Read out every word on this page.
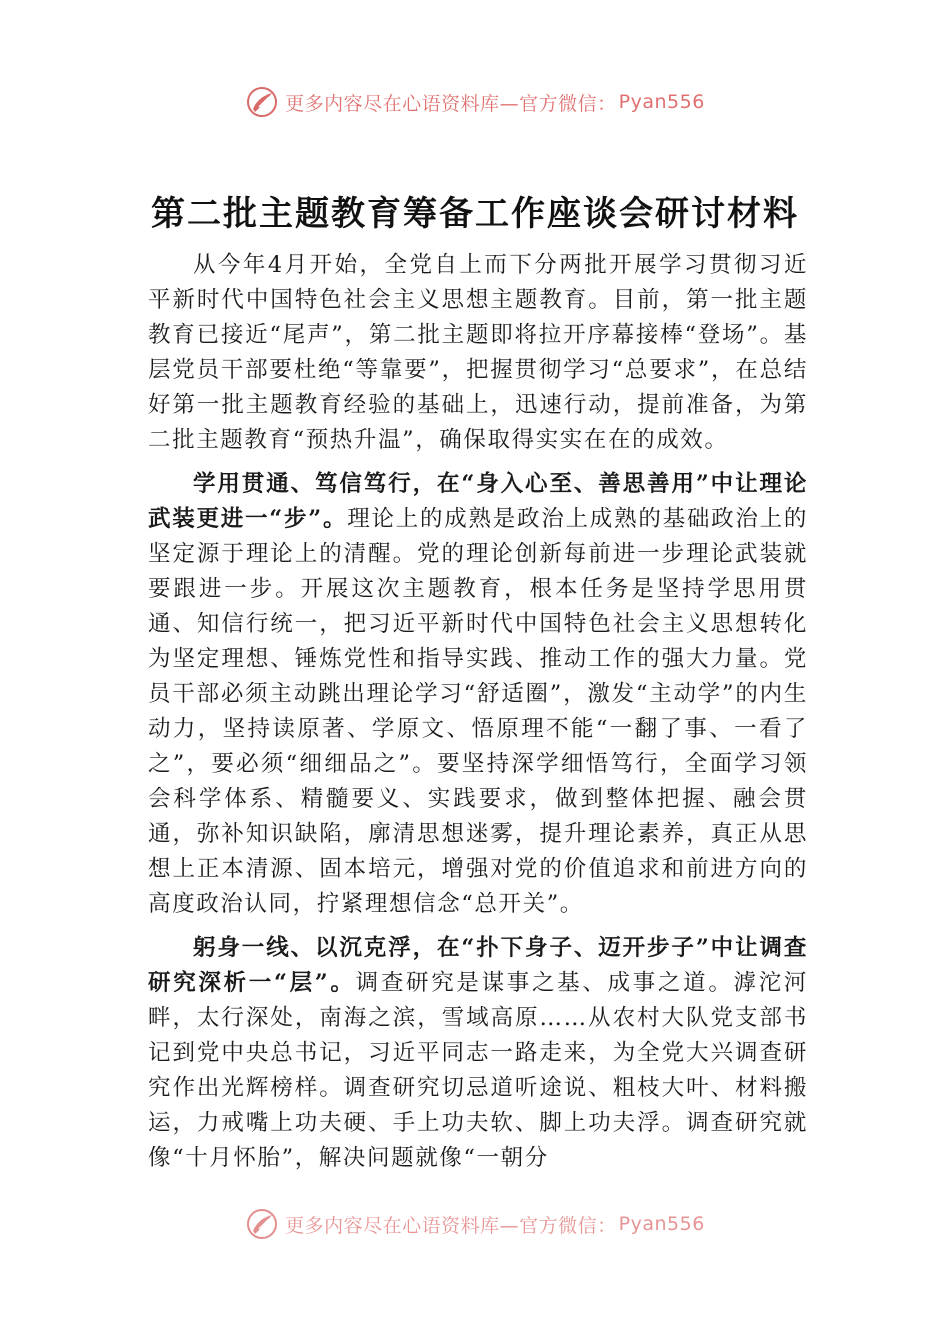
更多内容尽在心语资料库—官方微信： Pyan556
第二批主题教育筹备工作座谈会研讨材料

从今年4月开始，全党自上而下分两批开展学习贯彻习近平新时代中国特色社会主义思想主题教育。目前，第一批主题教育已接近“尾声”，第二批主题即将拉开序幕接棒“登场”。基层党员干部要杜绝“等靠要”，把握贯彻学习“总要求”，在总结好第一批主题教育经验的基础上，迅速行动，提前准备，为第二批主题教育“预热升温”，确保取得实实在在的成效。

学用贯通、笃信笃行，在“身入心至、善思善用”中让理论武装更进一“步”。理论上的成熟是政治上成熟的基础政治上的坚定源于理论上的清醒。党的理论创新每前进一步理论武装就要跟进一步。开展这次主题教育，根本任务是坚持学思用贯通、知信行统一，把习近平新时代中国特色社会主义思想转化为坚定理想、锤炼党性和指导实践、推动工作的强大力量。党员干部必须主动跳出理论学习“舒适圈”，激发“主动学”的内生动力，坚持读原著、学原文、悟原理不能“一翻了事、一看了之”，要必须“细细品之”。要坚持深学细悟笃行，全面学习领会科学体系、精髓要义、实践要求，做到整体把握、融会贯通，弥补知识缺陷，廓清思想迷雾，提升理论素养，真正从思想上正本清源、固本培元，增强对党的价值追求和前进方向的高度政治认同，拧紧理想信念“总开关”。

躬身一线、以沉克浮，在“扑下身子、迈开步子”中让调查研究深析一“层”。调查研究是谋事之基、成事之道。滹沱河畔，太行深处，南海之滨，雪域高原……从农村大队党支部书记到党中央总书记，习近平同志一路走来，为全党大兴调查研究作出光辉榜样。调查研究切忌道听途说、粗枝大叶、材料搬运，力戒嘴上功夫硬、手上功夫软、脚上功夫浮。调查研究就像“十月怀胎”，解决问题就像“一朝分

更多内容尽在心语资料库—官方微信： Pyan556
